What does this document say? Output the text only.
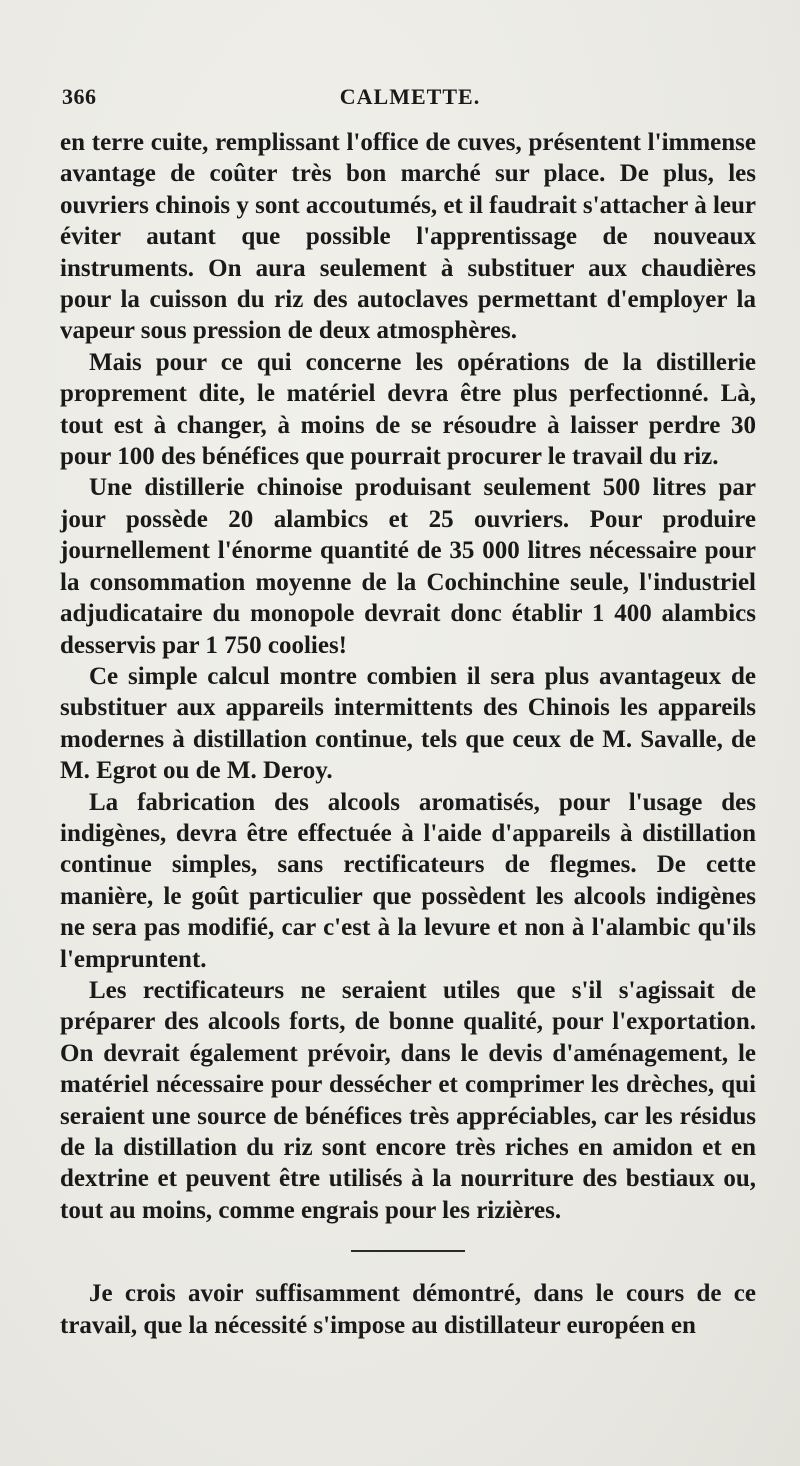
366	CALMETTE.

en terre cuite, remplissant l'office de cuves, présentent l'immense avantage de coûter très bon marché sur place. De plus, les ouvriers chinois y sont accoutumés, et il faudrait s'attacher à leur éviter autant que possible l'apprentissage de nouveaux instruments. On aura seulement à substituer aux chaudières pour la cuisson du riz des autoclaves permettant d'employer la vapeur sous pression de deux atmosphères.

Mais pour ce qui concerne les opérations de la distillerie proprement dite, le matériel devra être plus perfectionné. Là, tout est à changer, à moins de se résoudre à laisser perdre 30 pour 100 des bénéfices que pourrait procurer le travail du riz.

Une distillerie chinoise produisant seulement 500 litres par jour possède 20 alambics et 25 ouvriers. Pour produire journellement l'énorme quantité de 35 000 litres nécessaire pour la consommation moyenne de la Cochinchine seule, l'industriel adjudicataire du monopole devrait donc établir 1 400 alambics desservis par 1 750 coolies!

Ce simple calcul montre combien il sera plus avantageux de substituer aux appareils intermittents des Chinois les appareils modernes à distillation continue, tels que ceux de M. Savalle, de M. Egrot ou de M. Deroy.

La fabrication des alcools aromatisés, pour l'usage des indigènes, devra être effectuée à l'aide d'appareils à distillation continue simples, sans rectificateurs de flegmes. De cette manière, le goût particulier que possèdent les alcools indigènes ne sera pas modifié, car c'est à la levure et non à l'alambic qu'ils l'empruntent.

Les rectificateurs ne seraient utiles que s'il s'agissait de préparer des alcools forts, de bonne qualité, pour l'exportation. On devrait également prévoir, dans le devis d'aménagement, le matériel nécessaire pour dessécher et comprimer les drèches, qui seraient une source de bénéfices très appréciables, car les résidus de la distillation du riz sont encore très riches en amidon et en dextrine et peuvent être utilisés à la nourriture des bestiaux ou, tout au moins, comme engrais pour les rizières.

Je crois avoir suffisamment démontré, dans le cours de ce travail, que la nécessité s'impose au distillateur européen en
